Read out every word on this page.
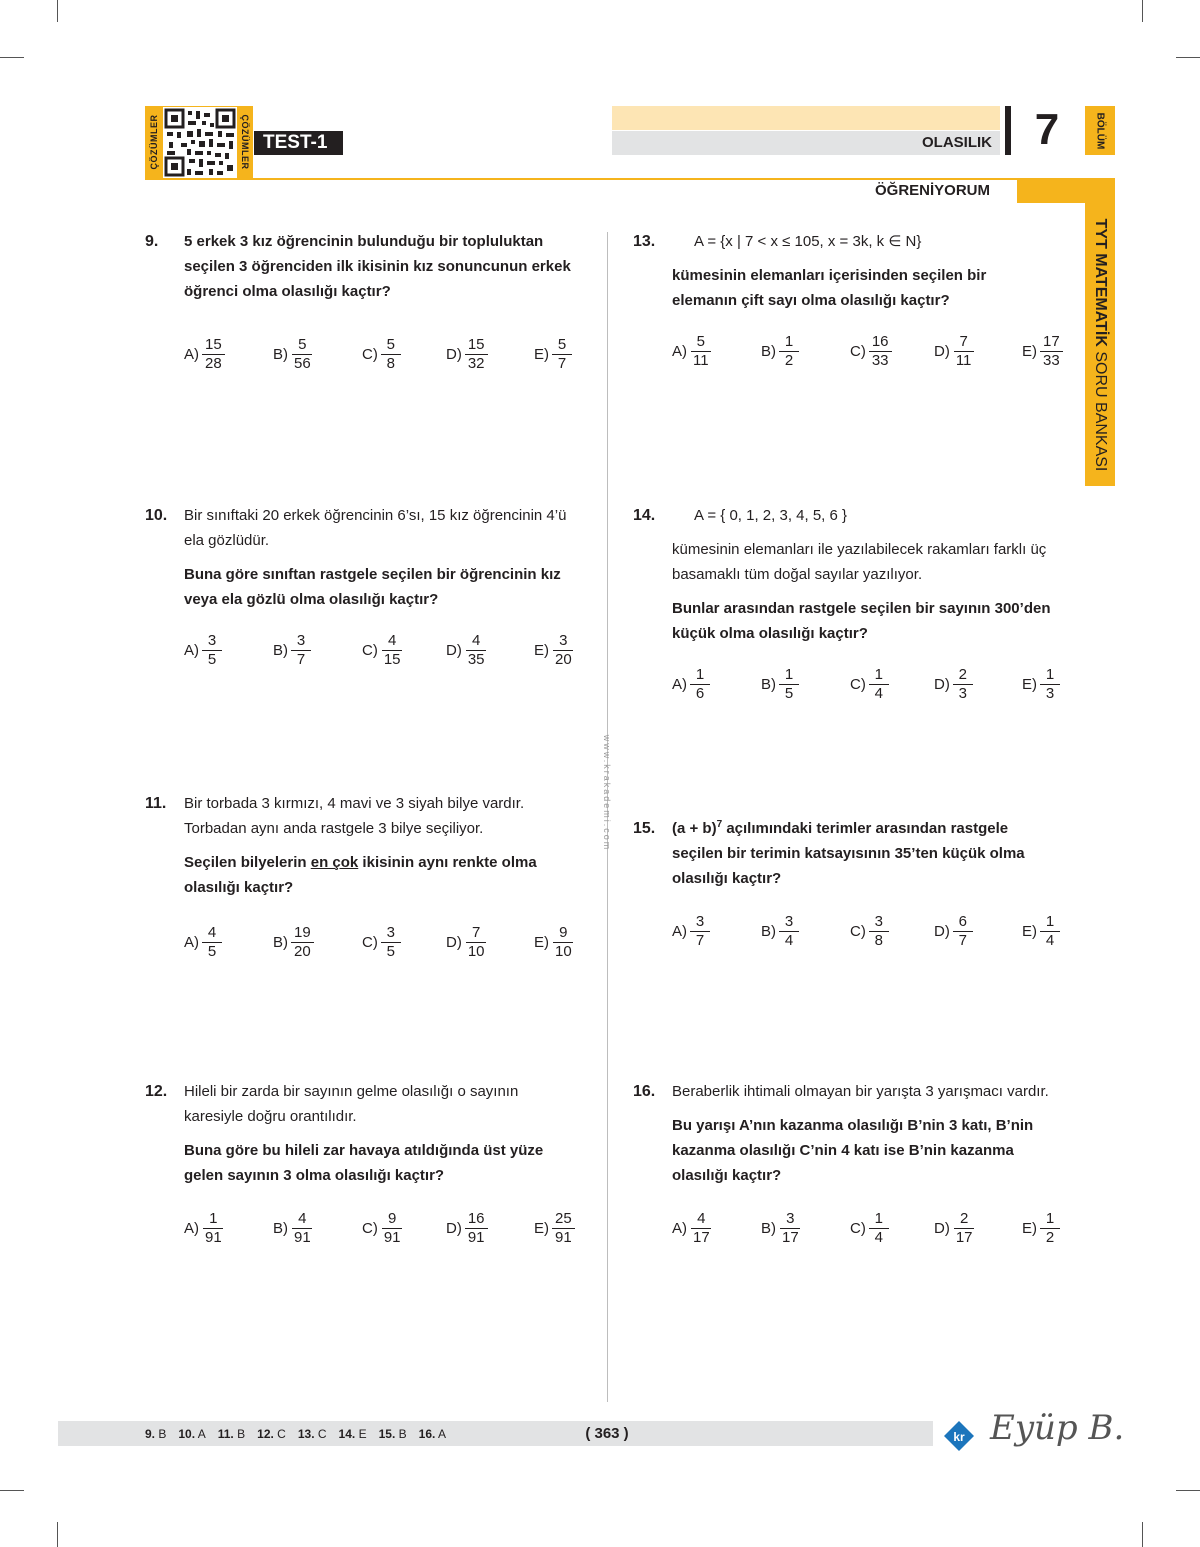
ÇÖZÜMLER	ÇÖZÜMLER TEST-1	OLASILIK 7	BÖLÜM
ÖĞRENİYORUM
TYT MATEMATİK SORU BANKASI
www.krakademi.com
9. 5 erkek 3 kız öğrencinin bulunduğu bir topluluktan seçilen 3 öğrenciden ilk ikisinin kız sonuncunun erkek öğrenci olma olasılığı kaçtır?

$A) \frac{15}{28}$	$B) \frac{5}{56}$	$C) \frac{5}{8}$	$D) \frac{15}{32}$	$E) \frac{5}{7}$
10. Bir sınıftaki 20 erkek öğrencinin 6’sı, 15 kız öğrencinin 4’ü ela gözlüdür.

Buna göre sınıftan rastgele seçilen bir öğrencinin kız veya ela gözlü olma olasılığı kaçtır?

$A) \frac{3}{5}$	$B) \frac{3}{7}$	$C) \frac{4}{15}$	$D) \frac{4}{35}$	$E) \frac{3}{20}$
11. Bir torbada 3 kırmızı, 4 mavi ve 3 siyah bilye vardır. Torbadan aynı anda rastgele 3 bilye seçiliyor.

Seçilen bilyelerin en çok ikisinin aynı renkte olma olasılığı kaçtır?

$A) \frac{4}{5}$	$B) \frac{19}{20}$	$C) \frac{3}{5}$	$D) \frac{7}{10}$	$E) \frac{9}{10}$
12. Hileli bir zarda bir sayının gelme olasılığı o sayının karesiyle doğru orantılıdır.

Buna göre bu hileli zar havaya atıldığında üst yüze gelen sayının 3 olma olasılığı kaçtır?

$A) \frac{1}{91}$	$B) \frac{4}{91}$	$C) \frac{9}{91}$	$D) \frac{16}{91}$	$E) \frac{25}{91}$
13.	A = {x | 7 < x ≤ 105, x = 3k, k ∈ N}

kümesinin elemanları içerisinden seçilen bir elemanın çift sayı olma olasılığı kaçtır?

$A) \frac{5}{11}$	$B) \frac{1}{2}$	$C) \frac{16}{33}$	$D) \frac{7}{11}$	$E) \frac{17}{33}$
14.	A = { 0, 1, 2, 3, 4, 5, 6 }

kümesinin elemanları ile yazılabilecek rakamları farklı üç basamaklı tüm doğal sayılar yazılıyor.

Bunlar arasından rastgele seçilen bir sayının 300’den küçük olma olasılığı kaçtır?

$A) \frac{1}{6}$	$B) \frac{1}{5}$	$C) \frac{1}{4}$	$D) \frac{2}{3}$	$E) \frac{1}{3}$
15. $(a + b)^7$ açılımındaki terimler arasından rastgele seçilen bir terimin katsayısının 35’ten küçük olma olasılığı kaçtır?

$A) \frac{3}{7}$	$B) \frac{3}{4}$	$C) \frac{3}{8}$	$D) \frac{6}{7}$	$E) \frac{1}{4}$
16. Beraberlik ihtimali olmayan bir yarışta 3 yarışmacı vardır.

Bu yarışı A’nın kazanma olasılığı B’nin 3 katı, B’nin kazanma olasılığı C’nin 4 katı ise B’nin kazanma olasılığı kaçtır?

$A) \frac{4}{17}$	$B) \frac{3}{17}$	$C) \frac{1}{4}$	$D) \frac{2}{17}$	$E) \frac{1}{2}$
9. B 10. A 11. B 12. C 13. C 14. E 15. B 16. A	( 363 )	kr Eyüp B.
